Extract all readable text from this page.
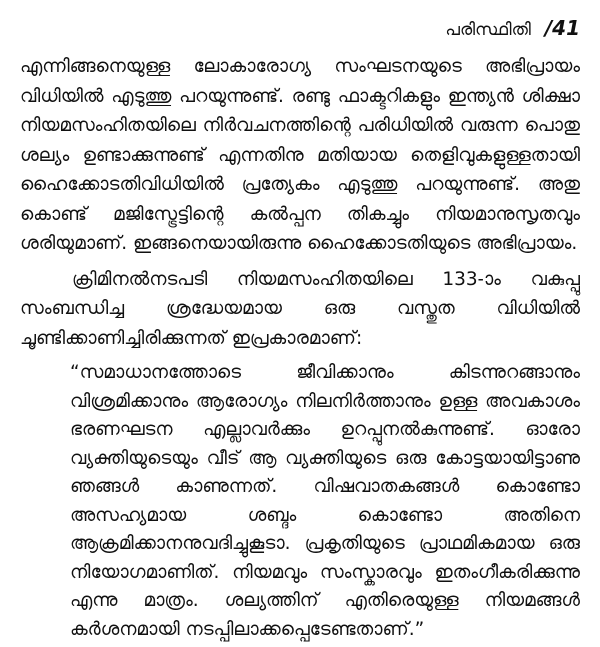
പരിസ്ഥിതി /41

എന്നിങ്ങനെയുള്ള ലോകാരോഗ്യ സംഘടനയുടെ അഭിപ്രായം വിധിയിൽ എടുത്തു പറയുന്നുണ്ട്. രണ്ടു ഫാക്ടറികളും ഇന്ത്യൻ ശിക്ഷാ നിയമസംഹിതയിലെ നിർവചനത്തിന്റെ പരിധിയിൽ വരുന്ന പൊതു ശല്യം ഉണ്ടാക്കുന്നുണ്ട് എന്നതിനു മതിയായ തെളിവുകളുള്ളതായി ഹൈക്കോടതിവിധിയിൽ പ്രത്യേകം എടുത്തു പറയുന്നുണ്ട്. അതു കൊണ്ട് മജിസ്ട്രേട്ടിന്റെ കൽപ്പന തികച്ചും നിയമാനുസൃതവും ശരിയുമാണ്. ഇങ്ങനെയായിരുന്നു ഹൈക്കോടതിയുടെ അഭിപ്രായം.

ക്രിമിനൽനടപടി നിയമസംഹിതയിലെ 133-ാം വകുപ്പു സംബന്ധിച്ച ശ്രദ്ധേയമായ ഒരു വസ്തുത വിധിയിൽ ചൂണ്ടിക്കാണിച്ചിരിക്കുന്നത് ഇപ്രകാരമാണ്:

“സമാധാനത്തോടെ ജീവിക്കാനും കിടന്നുറങ്ങാനും വിശ്രമിക്കാനും ആരോഗ്യം നിലനിർത്താനും ഉള്ള അവകാശം ഭരണഘടന എല്ലാവർക്കും ഉറപ്പുനൽകുന്നുണ്ട്. ഓരോ വ്യക്തിയുടെയും വീട് ആ വ്യക്തിയുടെ ഒരു കോട്ടയായിട്ടാണു ഞങ്ങൾ കാണുന്നത്. വിഷവാതകങ്ങൾ കൊണ്ടോ അസഹ്യമായ ശബ്ദം കൊണ്ടോ അതിനെ ആക്രമിക്കാനനുവദിച്ചുകൂടാ. പ്രകൃതിയുടെ പ്രാഥമികമായ ഒരു നിയോഗമാണിത്. നിയമവും സംസ്കാരവും ഇതംഗീകരിക്കുന്നു എന്നു മാത്രം. ശല്യത്തിന് എതിരെയുള്ള നിയമങ്ങൾ കർശനമായി നടപ്പിലാക്കപ്പെടേണ്ടതാണ്.”
